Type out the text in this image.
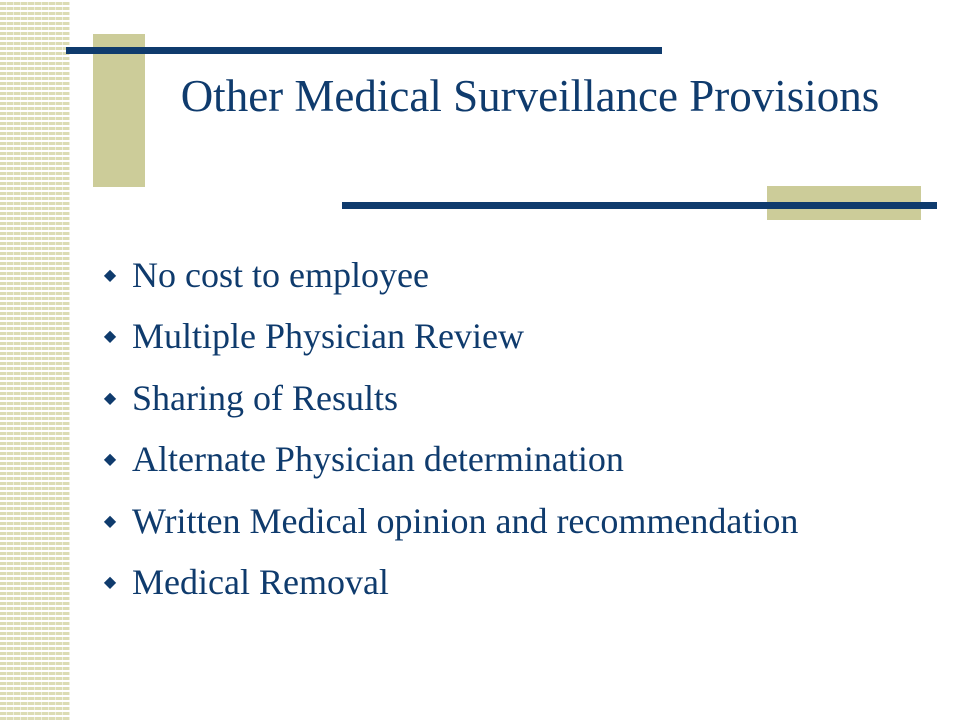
Other Medical Surveillance Provisions
◆ No cost to employee
◆ Multiple Physician Review
◆ Sharing of Results
◆ Alternate Physician determination
◆ Written Medical opinion and recommendation
◆ Medical Removal
